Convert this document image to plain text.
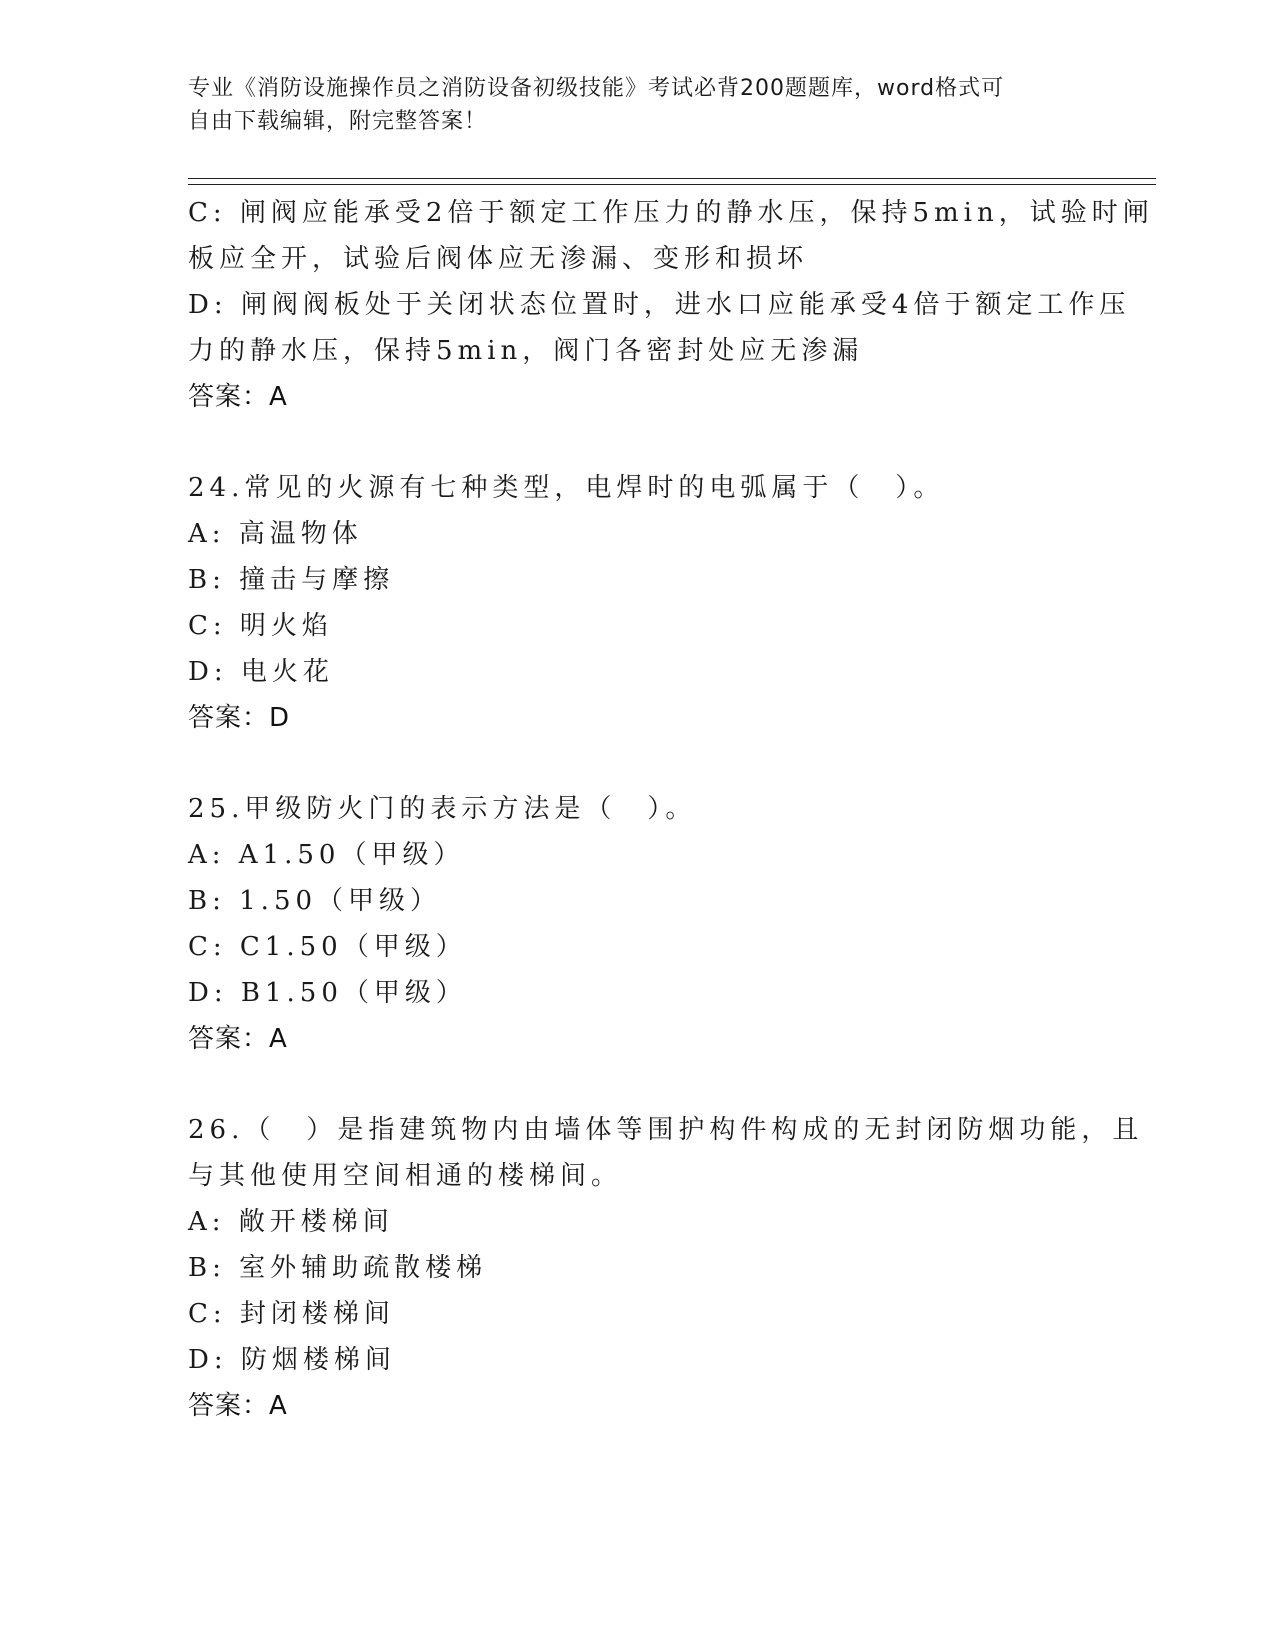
专业《消防设施操作员之消防设备初级技能》考试必背200题题库，word格式可
自由下载编辑，附完整答案！
C: 闸阀应能承受2倍于额定工作压力的静水压，保持5min，试验时闸
板应全开，试验后阀体应无渗漏、变形和损坏
D: 闸阀阀板处于关闭状态位置时，进水口应能承受4倍于额定工作压
力的静水压，保持5min，阀门各密封处应无渗漏
答案：A
24.常见的火源有七种类型，电焊时的电弧属于（　）。
A: 高温物体
B: 撞击与摩擦
C: 明火焰
D: 电火花
答案：D
25.甲级防火门的表示方法是（　）。
A: A1.50（甲级）
B: 1.50（甲级）
C: C1.50（甲级）
D: B1.50（甲级）
答案：A
26.（　）是指建筑物内由墙体等围护构件构成的无封闭防烟功能，且
与其他使用空间相通的楼梯间。
A: 敞开楼梯间
B: 室外辅助疏散楼梯
C: 封闭楼梯间
D: 防烟楼梯间
答案：A
